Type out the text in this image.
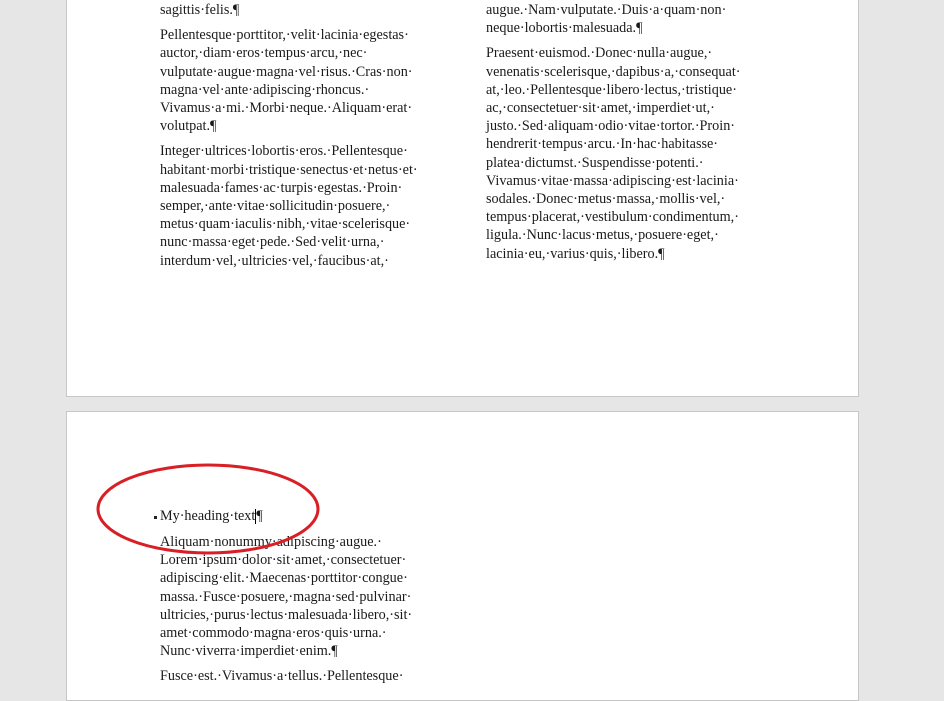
sagittis·felis.¶

Pellentesque·porttitor,·velit·lacinia·egestas·
auctor,·diam·eros·tempus·arcu,·nec·
vulputate·augue·magna·vel·risus.·Cras·non·
magna·vel·ante·adipiscing·rhoncus.·
Vivamus·a·mi.·Morbi·neque.·Aliquam·erat·
volutpat.¶

Integer·ultrices·lobortis·eros.·Pellentesque·
habitant·morbi·tristique·senectus·et·netus·et·
malesuada·fames·ac·turpis·egestas.·Proin·
semper,·ante·vitae·sollicitudin·posuere,·
metus·quam·iaculis·nibh,·vitae·scelerisque·
nunc·massa·eget·pede.·Sed·velit·urna,·
interdum·vel,·ultricies·vel,·faucibus·at,·

augue.·Nam·vulputate.·Duis·a·quam·non·
neque·lobortis·malesuada.¶

Praesent·euismod.·Donec·nulla·augue,·
venenatis·scelerisque,·dapibus·a,·consequat·
at,·leo.·Pellentesque·libero·lectus,·tristique·
ac,·consectetuer·sit·amet,·imperdiet·ut,·
justo.·Sed·aliquam·odio·vitae·tortor.·Proin·
hendrerit·tempus·arcu.·In·hac·habitasse·
platea·dictumst.·Suspendisse·potenti.·
Vivamus·vitae·massa·adipiscing·est·lacinia·
sodales.·Donec·metus·massa,·mollis·vel,·
tempus·placerat,·vestibulum·condimentum,·
ligula.·Nunc·lacus·metus,·posuere·eget,·
lacinia·eu,·varius·quis,·libero.¶

My·heading·text¶

Aliquam·nonummy·adipiscing·augue.·
Lorem·ipsum·dolor·sit·amet,·consectetuer·
adipiscing·elit.·Maecenas·porttitor·congue·
massa.·Fusce·posuere,·magna·sed·pulvinar·
ultricies,·purus·lectus·malesuada·libero,·sit·
amet·commodo·magna·eros·quis·urna.·
Nunc·viverra·imperdiet·enim.¶

Fusce·est.·Vivamus·a·tellus.·Pellentesque·
